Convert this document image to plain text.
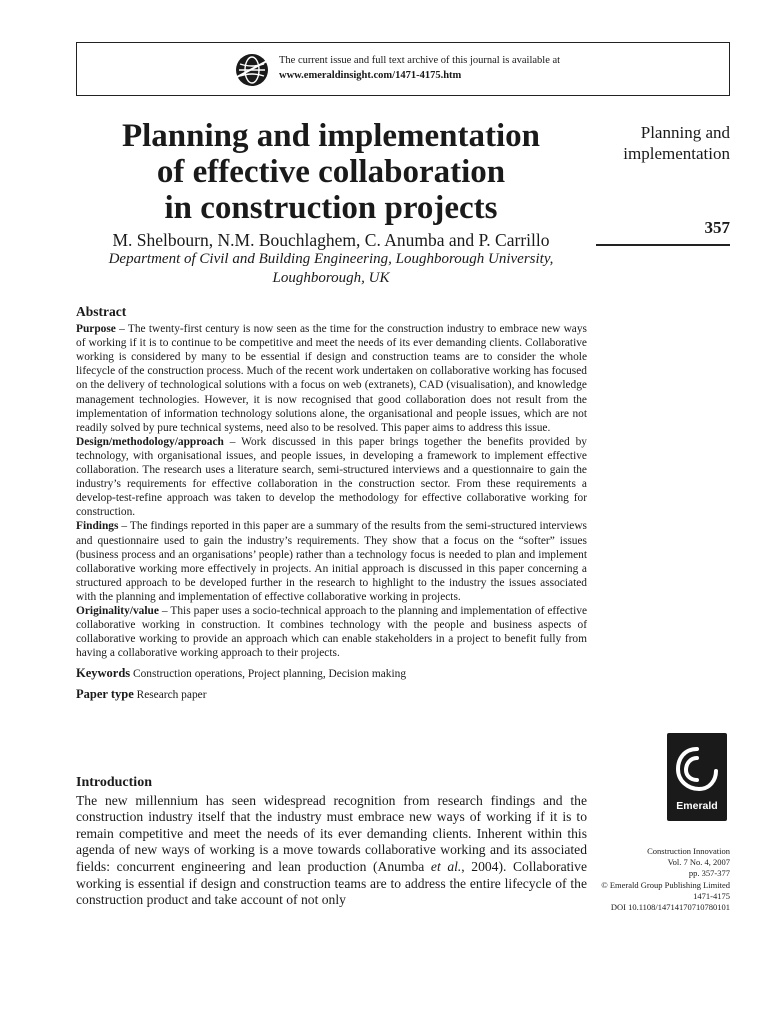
The current issue and full text archive of this journal is available at
www.emeraldinsight.com/1471-4175.htm
Planning and implementation
of effective collaboration
in construction projects
M. Shelbourn, N.M. Bouchlaghem, C. Anumba and P. Carrillo
Department of Civil and Building Engineering, Loughborough University,
Loughborough, UK
Planning and
implementation
357
Abstract

Purpose – The twenty-first century is now seen as the time for the construction industry to embrace new ways of working if it is to continue to be competitive and meet the needs of its ever demanding clients. Collaborative working is considered by many to be essential if design and construction teams are to consider the whole lifecycle of the construction process. Much of the recent work undertaken on collaborative working has focused on the delivery of technological solutions with a focus on web (extranets), CAD (visualisation), and knowledge management technologies. However, it is now recognised that good collaboration does not result from the implementation of information technology solutions alone, the organisational and people issues, which are not readily solved by pure technical systems, need also to be resolved. This paper aims to address this issue.

Design/methodology/approach – Work discussed in this paper brings together the benefits provided by technology, with organisational issues, and people issues, in developing a framework to implement effective collaboration. The research uses a literature search, semi-structured interviews and a questionnaire to gain the industry’s requirements for effective collaboration in the construction sector. From these requirements a develop-test-refine approach was taken to develop the methodology for effective collaborative working for construction.

Findings – The findings reported in this paper are a summary of the results from the semi-structured interviews and questionnaire used to gain the industry’s requirements. They show that a focus on the “softer” issues (business process and an organisations’ people) rather than a technology focus is needed to plan and implement collaborative working more effectively in projects. An initial approach is discussed in this paper concerning a structured approach to be developed further in the research to highlight to the industry the issues associated with the planning and implementation of effective collaborative working in projects.

Originality/value – This paper uses a socio-technical approach to the planning and implementation of effective collaborative working in construction. It combines technology with the people and business aspects of collaborative working to provide an approach which can enable stakeholders in a project to benefit fully from having a collaborative working approach to their projects.

Keywords Construction operations, Project planning, Decision making

Paper type Research paper

Introduction

The new millennium has seen widespread recognition from research findings and the construction industry itself that the industry must embrace new ways of working if it is to remain competitive and meet the needs of its ever demanding clients. Inherent within this agenda of new ways of working is a move towards collaborative working and its associated fields: concurrent engineering and lean production (Anumba et al., 2004). Collaborative working is essential if design and construction teams are to address the entire lifecycle of the construction product and take account of not only

Emerald
Construction Innovation
Vol. 7 No. 4, 2007
pp. 357-377
© Emerald Group Publishing Limited
1471-4175
DOI 10.1108/14714170710780101
